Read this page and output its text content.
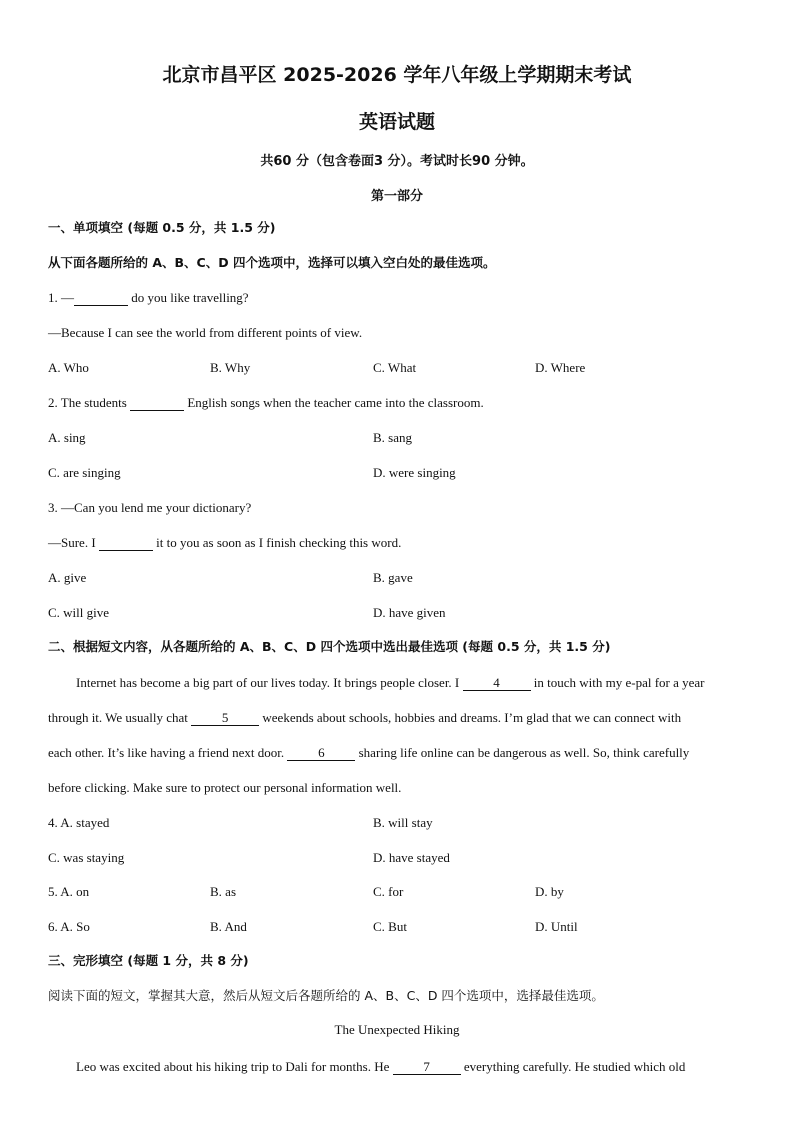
北京市昌平区 2025-2026 学年八年级上学期期末考试
英语试题
共60 分（包含卷面3 分）。考试时长90 分钟。
第一部分
一、单项填空 (每题 0.5 分，共 1.5 分)
从下面各题所给的 A、B、C、D 四个选项中，选择可以填入空白处的最佳选项。
1. —	do you like travelling?
—Because I can see the world from different points of view.
A. Who	B. Why	C. What	D. Where
2. The students	English songs when the teacher came into the classroom.
A. sing	B. sang
C. are singing	D. were singing
3. —Can you lend me your dictionary?
—Sure. I	it to you as soon as I finish checking this word.
A. give	B. gave
C. will give	D. have given
二、根据短文内容，从各题所给的 A、B、C、D 四个选项中选出最佳选项 (每题 0.5 分，共 1.5 分)
Internet has become a big part of our lives today. It brings people closer. I 4 in touch with my e-pal for a year
through it. We usually chat 5 weekends about schools, hobbies and dreams. I’m glad that we can connect with
each other. It’s like having a friend next door. 6 sharing life online can be dangerous as well. So, think carefully
before clicking. Make sure to protect our personal information well.
4. A. stayed	B. will stay
C. was staying	D. have stayed
5. A. on	B. as	C. for	D. by
6. A. So	B. And	C. But	D. Until
三、完形填空 (每题 1 分，共 8 分)
阅读下面的短文，掌握其大意，然后从短文后各题所给的 A、B、C、D 四个选项中，选择最佳选项。
The Unexpected Hiking
Leo was excited about his hiking trip to Dali for months. He 7 everything carefully. He studied which old
